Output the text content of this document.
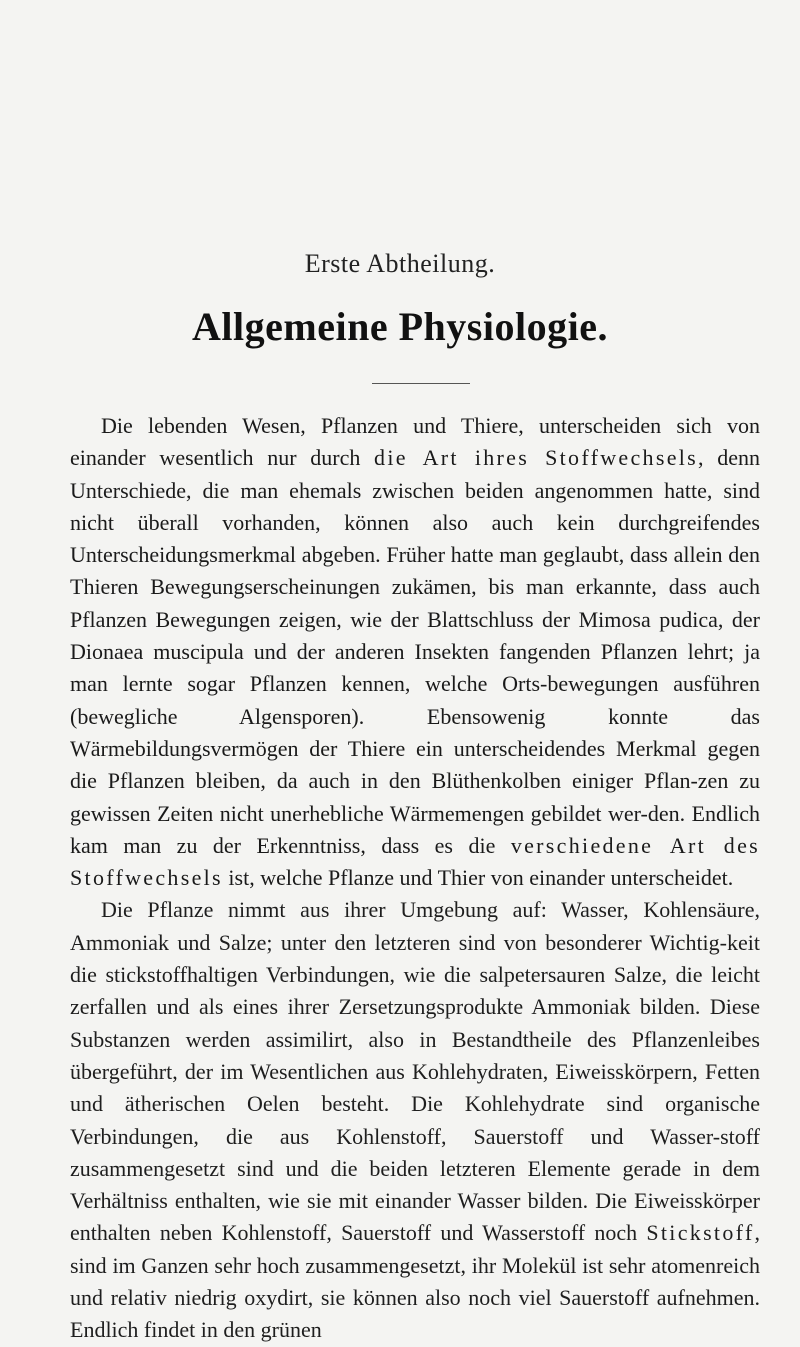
Erste Abtheilung.
Allgemeine Physiologie.

Die lebenden Wesen, Pflanzen und Thiere, unterscheiden sich von einander wesentlich nur durch die Art ihres Stoffwechsels, denn Unterschiede, die man ehemals zwischen beiden angenommen hatte, sind nicht überall vorhanden, können also auch kein durchgreifendes Unterscheidungsmerkmal abgeben. Früher hatte man geglaubt, dass allein den Thieren Bewegungserscheinungen zukämen, bis man erkannte, dass auch Pflanzen Bewegungen zeigen, wie der Blattschluss der Mimosa pudica, der Dionaea muscipula und der anderen Insekten fangenden Pflanzen lehrt; ja man lernte sogar Pflanzen kennen, welche Orts-bewegungen ausführen (bewegliche Algensporen). Ebensowenig konnte das Wärmebildungsvermögen der Thiere ein unterscheidendes Merkmal gegen die Pflanzen bleiben, da auch in den Blüthenkolben einiger Pflan-zen zu gewissen Zeiten nicht unerhebliche Wärmemengen gebildet wer-den. Endlich kam man zu der Erkenntniss, dass es die verschiedene Art des Stoffwechsels ist, welche Pflanze und Thier von einander unterscheidet.

Die Pflanze nimmt aus ihrer Umgebung auf: Wasser, Kohlensäure, Ammoniak und Salze; unter den letzteren sind von besonderer Wichtig-keit die stickstoffhaltigen Verbindungen, wie die salpetersauren Salze, die leicht zerfallen und als eines ihrer Zersetzungsprodukte Ammoniak bilden. Diese Substanzen werden assimilirt, also in Bestandtheile des Pflanzenleibes übergeführt, der im Wesentlichen aus Kohlehydraten, Eiweisskörpern, Fetten und ätherischen Oelen besteht. Die Kohlehydrate sind organische Verbindungen, die aus Kohlenstoff, Sauerstoff und Wasser-stoff zusammengesetzt sind und die beiden letzteren Elemente gerade in dem Verhältniss enthalten, wie sie mit einander Wasser bilden. Die Eiweisskörper enthalten neben Kohlenstoff, Sauerstoff und Wasserstoff noch Stickstoff, sind im Ganzen sehr hoch zusammengesetzt, ihr Molekül ist sehr atomenreich und relativ niedrig oxydirt, sie können also noch viel Sauerstoff aufnehmen. Endlich findet in den grünen
